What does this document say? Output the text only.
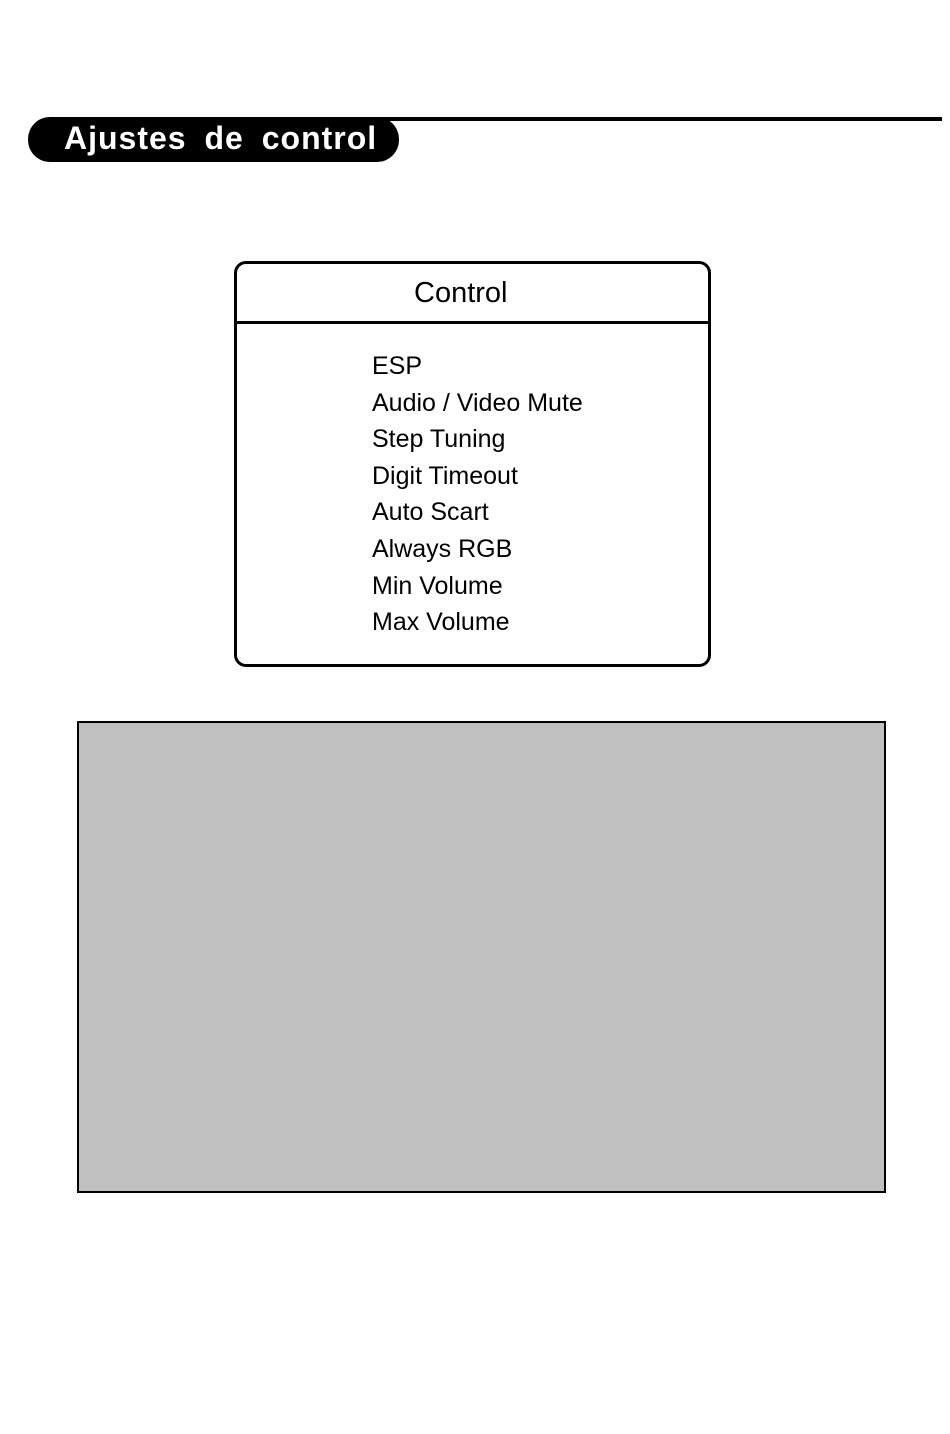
Ajustes de control
Control
ESP
Audio / Video Mute
Step Tuning
Digit Timeout
Auto Scart
Always RGB
Min Volume
Max Volume
